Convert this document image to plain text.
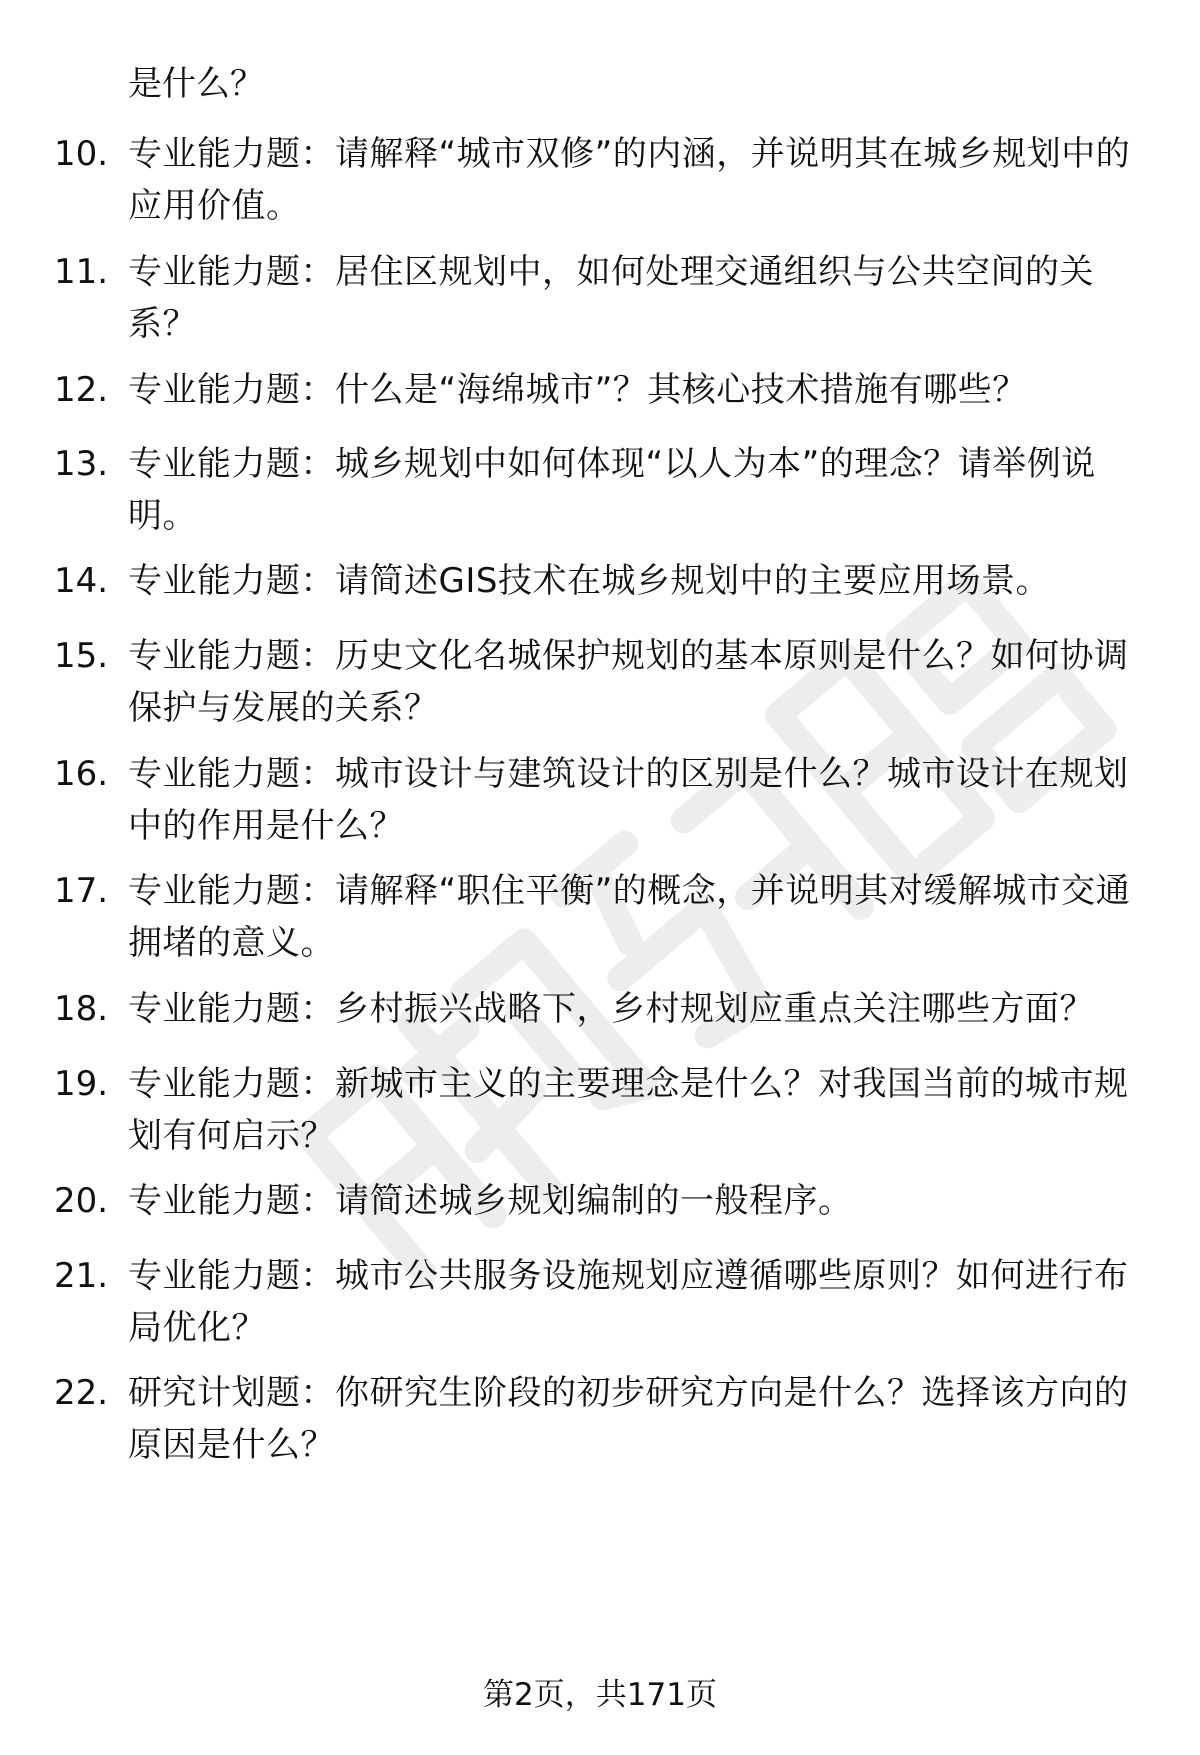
是什么？

10. 专业能力题：请解释“城市双修”的内涵，并说明其在城乡规划中的应用价值。
11. 专业能力题：居住区规划中，如何处理交通组织与公共空间的关系？
12. 专业能力题：什么是“海绵城市”？其核心技术措施有哪些？
13. 专业能力题：城乡规划中如何体现“以人为本”的理念？请举例说明。
14. 专业能力题：请简述GIS技术在城乡规划中的主要应用场景。
15. 专业能力题：历史文化名城保护规划的基本原则是什么？如何协调保护与发展的关系？
16. 专业能力题：城市设计与建筑设计的区别是什么？城市设计在规划中的作用是什么？
17. 专业能力题：请解释“职住平衡”的概念，并说明其对缓解城市交通拥堵的意义。
18. 专业能力题：乡村振兴战略下，乡村规划应重点关注哪些方面？
19. 专业能力题：新城市主义的主要理念是什么？对我国当前的城市规划有何启示？
20. 专业能力题：请简述城乡规划编制的一般程序。
21. 专业能力题：城市公共服务设施规划应遵循哪些原则？如何进行布局优化？
22. 研究计划题：你研究生阶段的初步研究方向是什么？选择该方向的原因是什么？
第2页，共171页
